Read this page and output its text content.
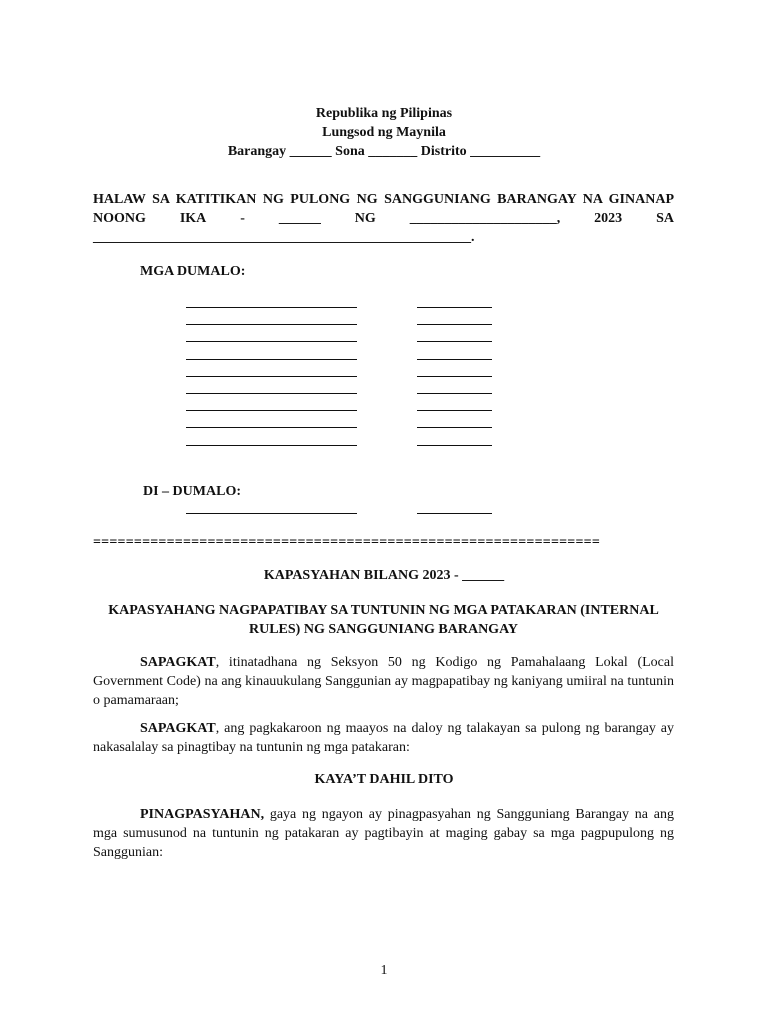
Republika ng Pilipinas
Lungsod ng Maynila
Barangay ______ Sona _______ Distrito __________
HALAW SA KATITIKAN NG PULONG NG SANGGUNIANG BARANGAY NA GINANAP
NOONG IKA - ______ NG _____________________, 2023 SA
______________________________________________________.
MGA DUMALO:
DI – DUMALO:
==============================================================
KAPASYAHAN BILANG 2023 - ______
KAPASYAHANG NAGPAPATIBAY SA TUNTUNIN NG MGA PATAKARAN (INTERNAL RULES) NG SANGGUNIANG BARANGAY
SAPAGKAT, itinatadhana ng Seksyon 50 ng Kodigo ng Pamahalaang Lokal (Local Government Code) na ang kinauukulang Sanggunian ay magpapatibay ng kaniyang umiiral na tuntunin o pamamaraan;
SAPAGKAT, ang pagkakaroon ng maayos na daloy ng talakayan sa pulong ng barangay ay nakasalalay sa pinagtibay na tuntunin ng mga patakaran:
KAYA’T DAHIL DITO
PINAGPASYAHAN, gaya ng ngayon ay pinagpasyahan ng Sangguniang Barangay na ang mga sumusunod na tuntunin ng patakaran ay pagtibayin at maging gabay sa mga pagpupulong ng Sanggunian:
1
